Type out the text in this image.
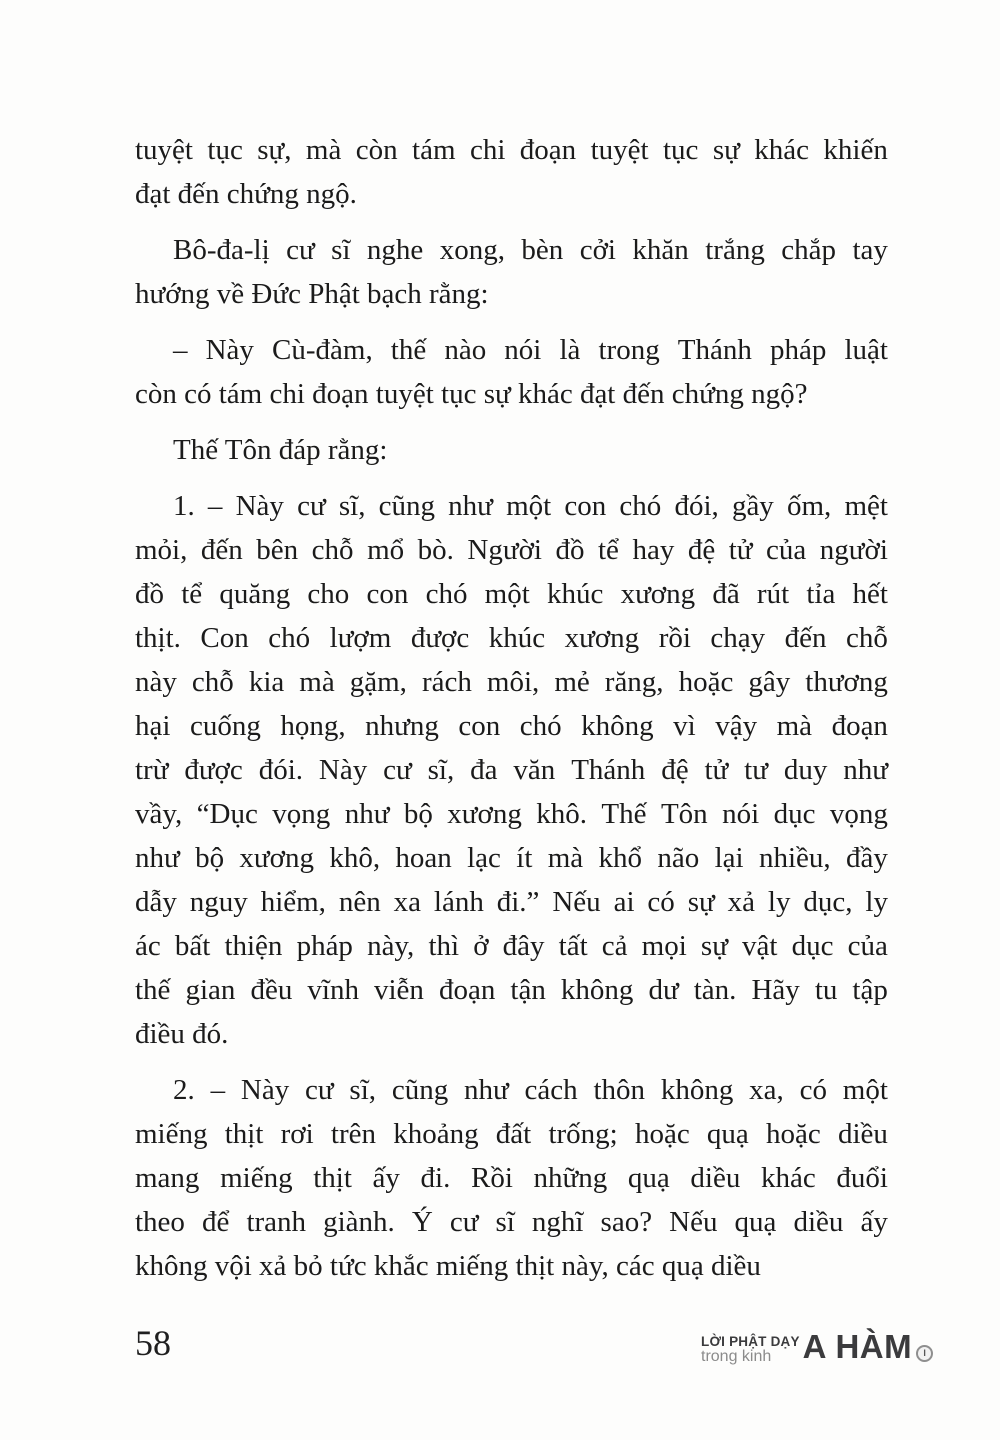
tuyệt tục sự, mà còn tám chi đoạn tuyệt tục sự khác khiến
đạt đến chứng ngộ.
Bô-đa-lị cư sĩ nghe xong, bèn cởi khăn trắng chắp tay
hướng về Đức Phật bạch rằng:
– Này Cù-đàm, thế nào nói là trong Thánh pháp luật
còn có tám chi đoạn tuyệt tục sự khác đạt đến chứng ngộ?
Thế Tôn đáp rằng:
1. – Này cư sĩ, cũng như một con chó đói, gầy ốm, mệt
mỏi, đến bên chỗ mổ bò. Người đồ tể hay đệ tử của người
đồ tể quăng cho con chó một khúc xương đã rút tỉa hết
thịt. Con chó lượm được khúc xương rồi chạy đến chỗ
này chỗ kia mà gặm, rách môi, mẻ răng, hoặc gây thương
hại cuống họng, nhưng con chó không vì vậy mà đoạn
trừ được đói. Này cư sĩ, đa văn Thánh đệ tử tư duy như
vầy, “Dục vọng như bộ xương khô. Thế Tôn nói dục vọng
như bộ xương khô, hoan lạc ít mà khổ não lại nhiều, đầy
dẫy nguy hiểm, nên xa lánh đi.” Nếu ai có sự xả ly dục, ly
ác bất thiện pháp này, thì ở đây tất cả mọi sự vật dục của
thế gian đều vĩnh viễn đoạn tận không dư tàn. Hãy tu tập
điều đó.
2. – Này cư sĩ, cũng như cách thôn không xa, có một
miếng thịt rơi trên khoảng đất trống; hoặc quạ hoặc diều
mang miếng thịt ấy đi. Rồi những quạ diều khác đuổi
theo để tranh giành. Ý cư sĩ nghĩ sao? Nếu quạ diều ấy
không vội xả bỏ tức khắc miếng thịt này, các quạ diều
58	LỜI PHẬT DẠY
trong kinh A HÀM	I
